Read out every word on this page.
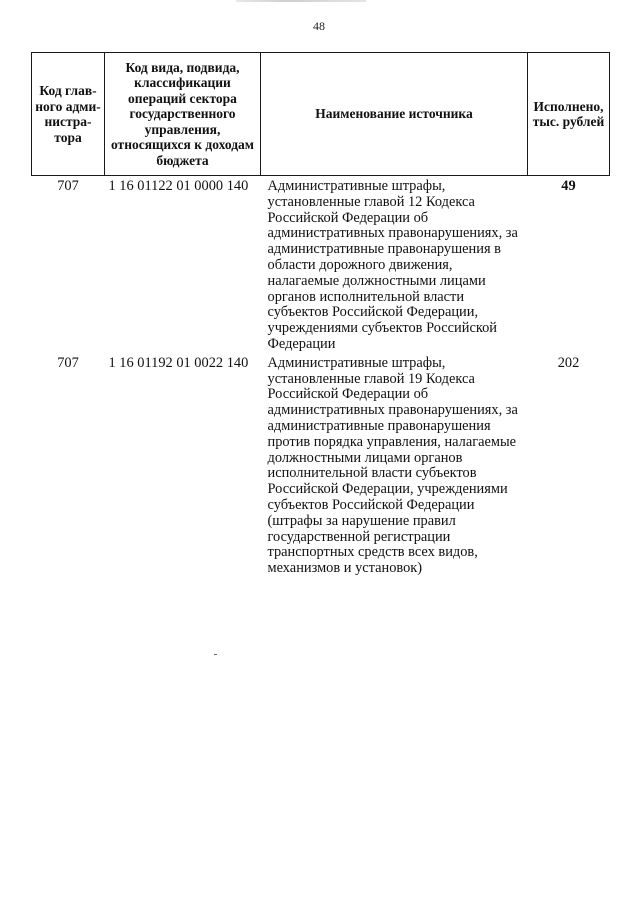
48
Код глав-ного адми-нистра-тора	Код вида, подвида, классификации операций сектора государственного управления, относящихся к доходам бюджета	Наименование источника	Исполнено, тыс. рублей
707	1 16 01122 01 0000 140	Административные штрафы, установленные главой 12 Кодекса Российской Федерации об административных правонарушениях, за административные правонарушения в области дорожного движения, налагаемые должностными лицами органов исполнительной власти субъектов Российской Федерации, учреждениями субъектов Российской Федерации	49
707	1 16 01192 01 0022 140	Административные штрафы, установленные главой 19 Кодекса Российской Федерации об административных правонарушениях, за административные правонарушения против порядка управления, налагаемые должностными лицами органов исполнительной власти субъектов Российской Федерации, учреждениями субъектов Российской Федерации (штрафы за нарушение правил государственной регистрации транспортных средств всех видов, механизмов и установок)	202
